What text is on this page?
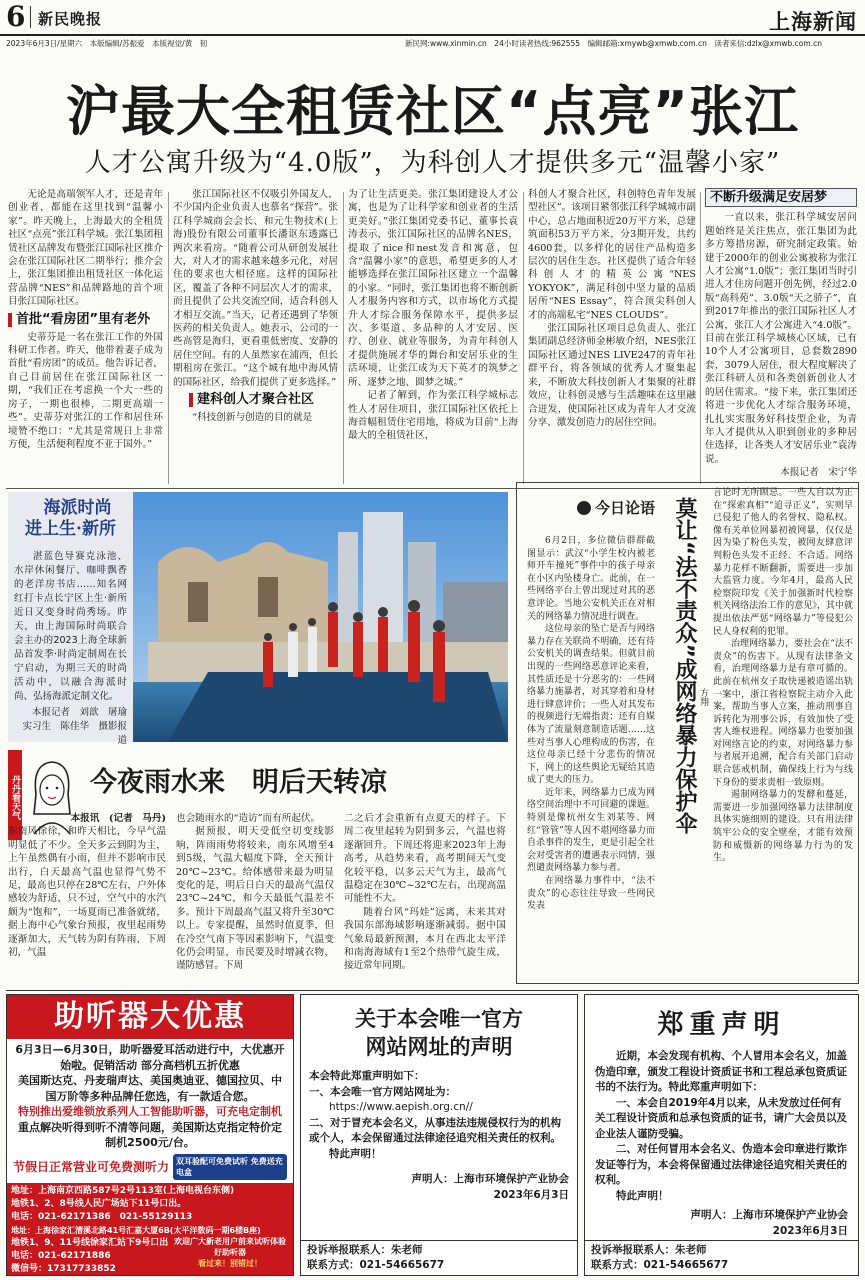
6 新民晚报	上海新闻
2023年6月3日/星期六　本版编辑/苏振爱　本版视觉/黄　韧	新民网:www.xinmin.cn　24小时读者热线:962555　编辑邮箱:xmywb@xmwb.com.cn　读者来信:dzlx@xmwb.com.cn
沪最大全租赁社区“点亮”张江
人才公寓升级为“4.0版”，为科创人才提供多元“温馨小家”

无论是高端领军人才，还是青年创业者，都能在这里找到“温馨小家”。昨天晚上，上海最大的全租赁社区“点亮”张江科学城。张江集团租赁社区品牌发布暨张江国际社区推介会在张江国际社区二期举行；推介会上，张江集团推出租赁社区一体化运营品牌“NES”和品牌路地的首个项目张江国际社区。

首批“看房团”里有老外

史蒂芬是一名在张江工作的外国科研工作者。昨天，他带着妻子成为首批“看房团”的成员。他告诉记者，自己目前居住在张江国际社区一期，“我们正在考虑换一个大一些的房子，一期也很棒，二期更高端一些”。史蒂芬对张江的工作和居住环境赞不绝口：“尤其是常规日上非常方便，生活便利程度不亚于国外。”

张江国际社区不仅吸引外国友人，不少国内企业负责人也慕名“探营”。张江科学城商会会长、和元生物技术(上海)股份有限公司董事长潘讴东透露已两次来看房。“随着公司从研创发展壮大，对人才的需求越来越多元化，对居住的要求也大相径庭。这样的国际社区，覆盖了各种不同层次人才的需求，而且提供了公共交流空间，适合科创人才相互交流。”当天，记者还遇到了华领医药的相关负责人。她表示，公司的一些高管是海归，更看重低密度、安静的居住空间。有的人虽然家在浦西，但长期租房在张江。“这个城有地中海风情的国际社区，给我们提供了更多选择。”

建科创人才聚合社区

“科技创新与创造的目的就是

为了让生活更美。张江集团建设人才公寓，也是为了让科学家和创业者的生活更美好。”张江集团党委书记、董事长袁涛表示，张江国际社区的品牌名NES，提取了nice和nest发音和寓意，包含“温馨小家”的意思，希望更多的人才能够选择在张江国际社区建立一个温馨的小家。“同时，张江集团也将不断创新人才服务内容和方式，以市场化方式提升人才综合服务保障水平，提供多层次、多渠道、多品种的人才安居、医疗、创业、就业等服务，为青年科创人才提供施展才华的舞台和安居乐业的生活环境，让张江成为天下英才的筑梦之所、逐梦之地、圆梦之城。”

记者了解到，作为张江科学城标志性人才居住项目，张江国际社区依托上海首幅租赁住宅用地，将成为目前“上海最大的全租赁社区，

科创人才聚合社区，科创特色青年发展型社区”。该项目紧邻张江科学城城市副中心，总占地面积近20万平方米，总建筑面积53万平方米，分3期开发，共约4600套，以多样化的居住产品构造多层次的居住生态。社区提供了适合年轻科创人才的精英公寓“NES YOKYOK”，满足科创中坚力量的品质居所“NES Essay”，符合顶尖科创人才的高端私宅“NES CLOUDS”。

张江国际社区项目总负责人、张江集团副总经济师金彬敏介绍，NES张江国际社区通过NES LIVE247的青年社群平台，将各领域的优秀人才聚集起来，不断放大科技创新人才集聚的社群效应，让科创灵感与生活趣味在这里融合迸发，使国际社区成为青年人才交流分享、激发创造力的居住空间。

不断升级满足安居梦

一直以来，张江科学城安居问题始终是关注焦点，张江集团为此多方筹措房源，研究制定政策。始建于2000年的创业公寓被称为张江人才公寓“1.0版”；张江集团当时引进人才住房问题开创先例，经过2.0版“高科苑”、3.0版“天之骄子”，直到2017年推出的张江国际社区人才公寓，张江人才公寓进入“4.0版”。目前在张江科学城核心区域，已有10个人才公寓项目，总套数2890套，3079人居住，很大程度解决了张江科研人员和各类创新创业人才的居住需求。“接下来，张江集团还将进一步优化人才综合服务环境，扎扎实实服务好科技型企业，为青年人才提供从入职到创业的多种居住选择，让各类人才安居乐业”袁涛说。

本报记者　宋宁华

海派时尚
进上生·新所
湛蓝色导赛克泳池、水岸休闲餐厅、咖啡飘香的老洋房书店……知名网红打卡点长宁区上生·新所近日又变身时尚秀场。昨天，由上海国际时尚联合会主办的2023上海全球新品首发季·时尚定制周在长宁启动，为期三天的时尚活动中，以融合海派时尚、弘扬海派定制文化。
本报记者　刘歆　屠瑜
实习生　陈佳华　摄影报道
丹丹看天气	今夜雨水来　明后天转凉

本报讯　(记者　马丹)

东南风徐徐，和昨天相比，今早气温明显低了不少。全天多云到阴为主，上午虽然偶有小雨，但并不影响市民出行，白天最高气温也显得气势不足，最高也只停在28℃左右，户外体感较为舒适，只不过，空气中的水汽颇为“饱和”，一场夏雨已准备就绪，据上海中心气象台预报，夜里起雨势逐渐加大，天气转为阴有阵雨，下周初，气温

也会随雨水的“造访”而有所起伏。

据预报，明天受低空切变线影响，阵雨雨势将较来，南东风增至4到5级，气温大幅度下降，全天预计20℃~23℃。给体感带来最为明显变化的是，明后日白天的最高气温仅23℃~24℃，和今天最低气温差不多。预计下周最高气温又将升至30℃以上。专家提醒，虽然时值夏季，但在冷空气南下等因素影响下，气温变化仍会明显，市民要及时增减衣物，谨防感冒。下周

二之后才会重新有点夏天的样子。下周二夜里起转为阴到多云，气温也将逐渐回升。下周还将迎来2023年上海高考，从趋势来看，高考期间天气变化较平稳，以多云天气为主，最高气温稳定在30℃~32℃左右，出现高温可能性不大。

随着台风“玛娃”远离，未来其对我国东部海域影响逐渐减弱。据中国气象局最新预测，本月在西北太平洋和南海海域有1至2个热带气旋生成，接近常年同期。

今日论语

6月2日，多位微信群群截图显示：武汉“小学生校内被老师开车撞死”事件中的孩子母亲在小区内坠楼身亡。此前，在一些网络平台上曾出现过对其的恶意评论。当地公安机关正在对相关的网络暴力情况进行调查。

这位母亲的坠亡是否与网络暴力存在关联尚不明确，还有待公安机关的调查结果。但就目前出现的一些网络恶意评论来看，其性质还是十分恶劣的：一些网络暴力施暴者，对其穿着和身材进行肆意评价；一些人对其发布的视频进行无端指责；还有自媒体为了流量刻意制造话题……这些对当事人心理构成的伤害，在这位母亲已经十分悲伤的情况下，网上的这些舆论无疑给其造成了更大的压力。

近年来，网络暴力已成为网络空间治理中不可回避的课题。特别是像杭州女生刘某等、网红“管管”等人因不堪网络暴力而自杀事件的发生，更是引起全社会对受害者的遭遇表示同情，强烈谴责网络暴力参与者。

在网络暴力事件中，“法不责众”的心态往往导致一些网民发表

莫让“法不责众”成网络暴力保护伞 方翔

言论时无所顾忌。一些人自以为正在“探索真相”“追寻正义”，实则早已侵犯了他人的名誉权、隐私权。像有关单位网暴初被网暴，仅仅是因为染了粉色头发，被网友肆意评判粉色头发不正经、不合适。网络暴力花样不断翻新，需要进一步加大监管力度。今年4月，最高人民检察院印发《关于加强新时代检察机关网络法治工作的意见》，其中就提出依法严惩“网络暴力”等侵犯公民人身权利的犯罪。

治理网络暴力，要社会在“法不责众”的伤害下。从现有法律条文看，治理网络暴力是有章可循的。此前在杭州女子取快递被造谣出轨一案中，浙江省检察院主动介入此案，帮助当事人立案，推动刑事自诉转化为刑事公诉，有效加快了受害人维权进程。网络暴力也要加强对网络言论的约束，对网络暴力参与者展开追溯，配合有关部门启动联合惩戒机制，确保线上行为与线下身份的要求责相一致原则。

遏制网络暴力的发酵和蔓延，需要进一步加强网络暴力法律制度具体实施细则的建设。只有用法律筑牢公众的安全壁垒，才能有效预防和威慑新的网络暴力行为的发生。

助听器大优惠
6月3日—6月30日，助听器爱耳活动进行中，大优惠开始啦。促销活动 部分高档机五折优惠
美国斯达克、丹麦瑞声达、美国奥迪亚、德国拉贝、中国万阶等多种品牌任您选，有一款适合您。
特别推出爱维锁放系列人工智能助听器，可充电定制机
重点解决听得到听不清等问题，美国斯达克指定特价定制机2500元/台。
节假日正常营业可免费测听力 双耳验配可免费试听 免费送充电盒
地址：上海南京西路587号2号113室(上海电视台东侧)
地铁1、2、8号线人民广场站下11号口出。
电话：021-62171386　021-55129113
地址：上海徐家汇漕溪北路41号汇嘉大厦6B(太平洋数码一期6楼B座)
地铁1、9、11号线徐家汇站下9号口出
电话：021-62171886
微信号：17317733852
欢迎广大新老用户前来试听体验好助听器
看过来！别错过！
关于本会唯一官方
网站网址的声明
本会特此郑重声明如下：
一、本会唯一官方网站网址为：
https://www.aepish.org.cn//
二、对于冒充本会名义，从事违法违规侵权行为的机构或个人，本会保留通过法律途径追究相关责任的权利。
特此声明！
声明人：上海市环境保护产业协会
2023年6月3日
投诉举报联系人：朱老师
联系方式：021-54665677
郑重声明

近期，本会发现有机构、个人冒用本会名义，加盖伪造印章，颁发工程设计资质证书和工程总承包资质证书的不法行为。特此郑重声明如下：

一、本会自2019年4月以来，从未发放过任何有关工程设计资质和总承包资质的证书，请广大会员以及企业法人谨防受骗。

二、对任何冒用本会名义、伪造本会印章进行欺诈发证等行为，本会将保留通过法律途径追究相关责任的权利。

特此声明！

声明人：上海市环境保护产业协会
2023年6月3日
投诉举报联系人：朱老师
联系方式：021-54665677
